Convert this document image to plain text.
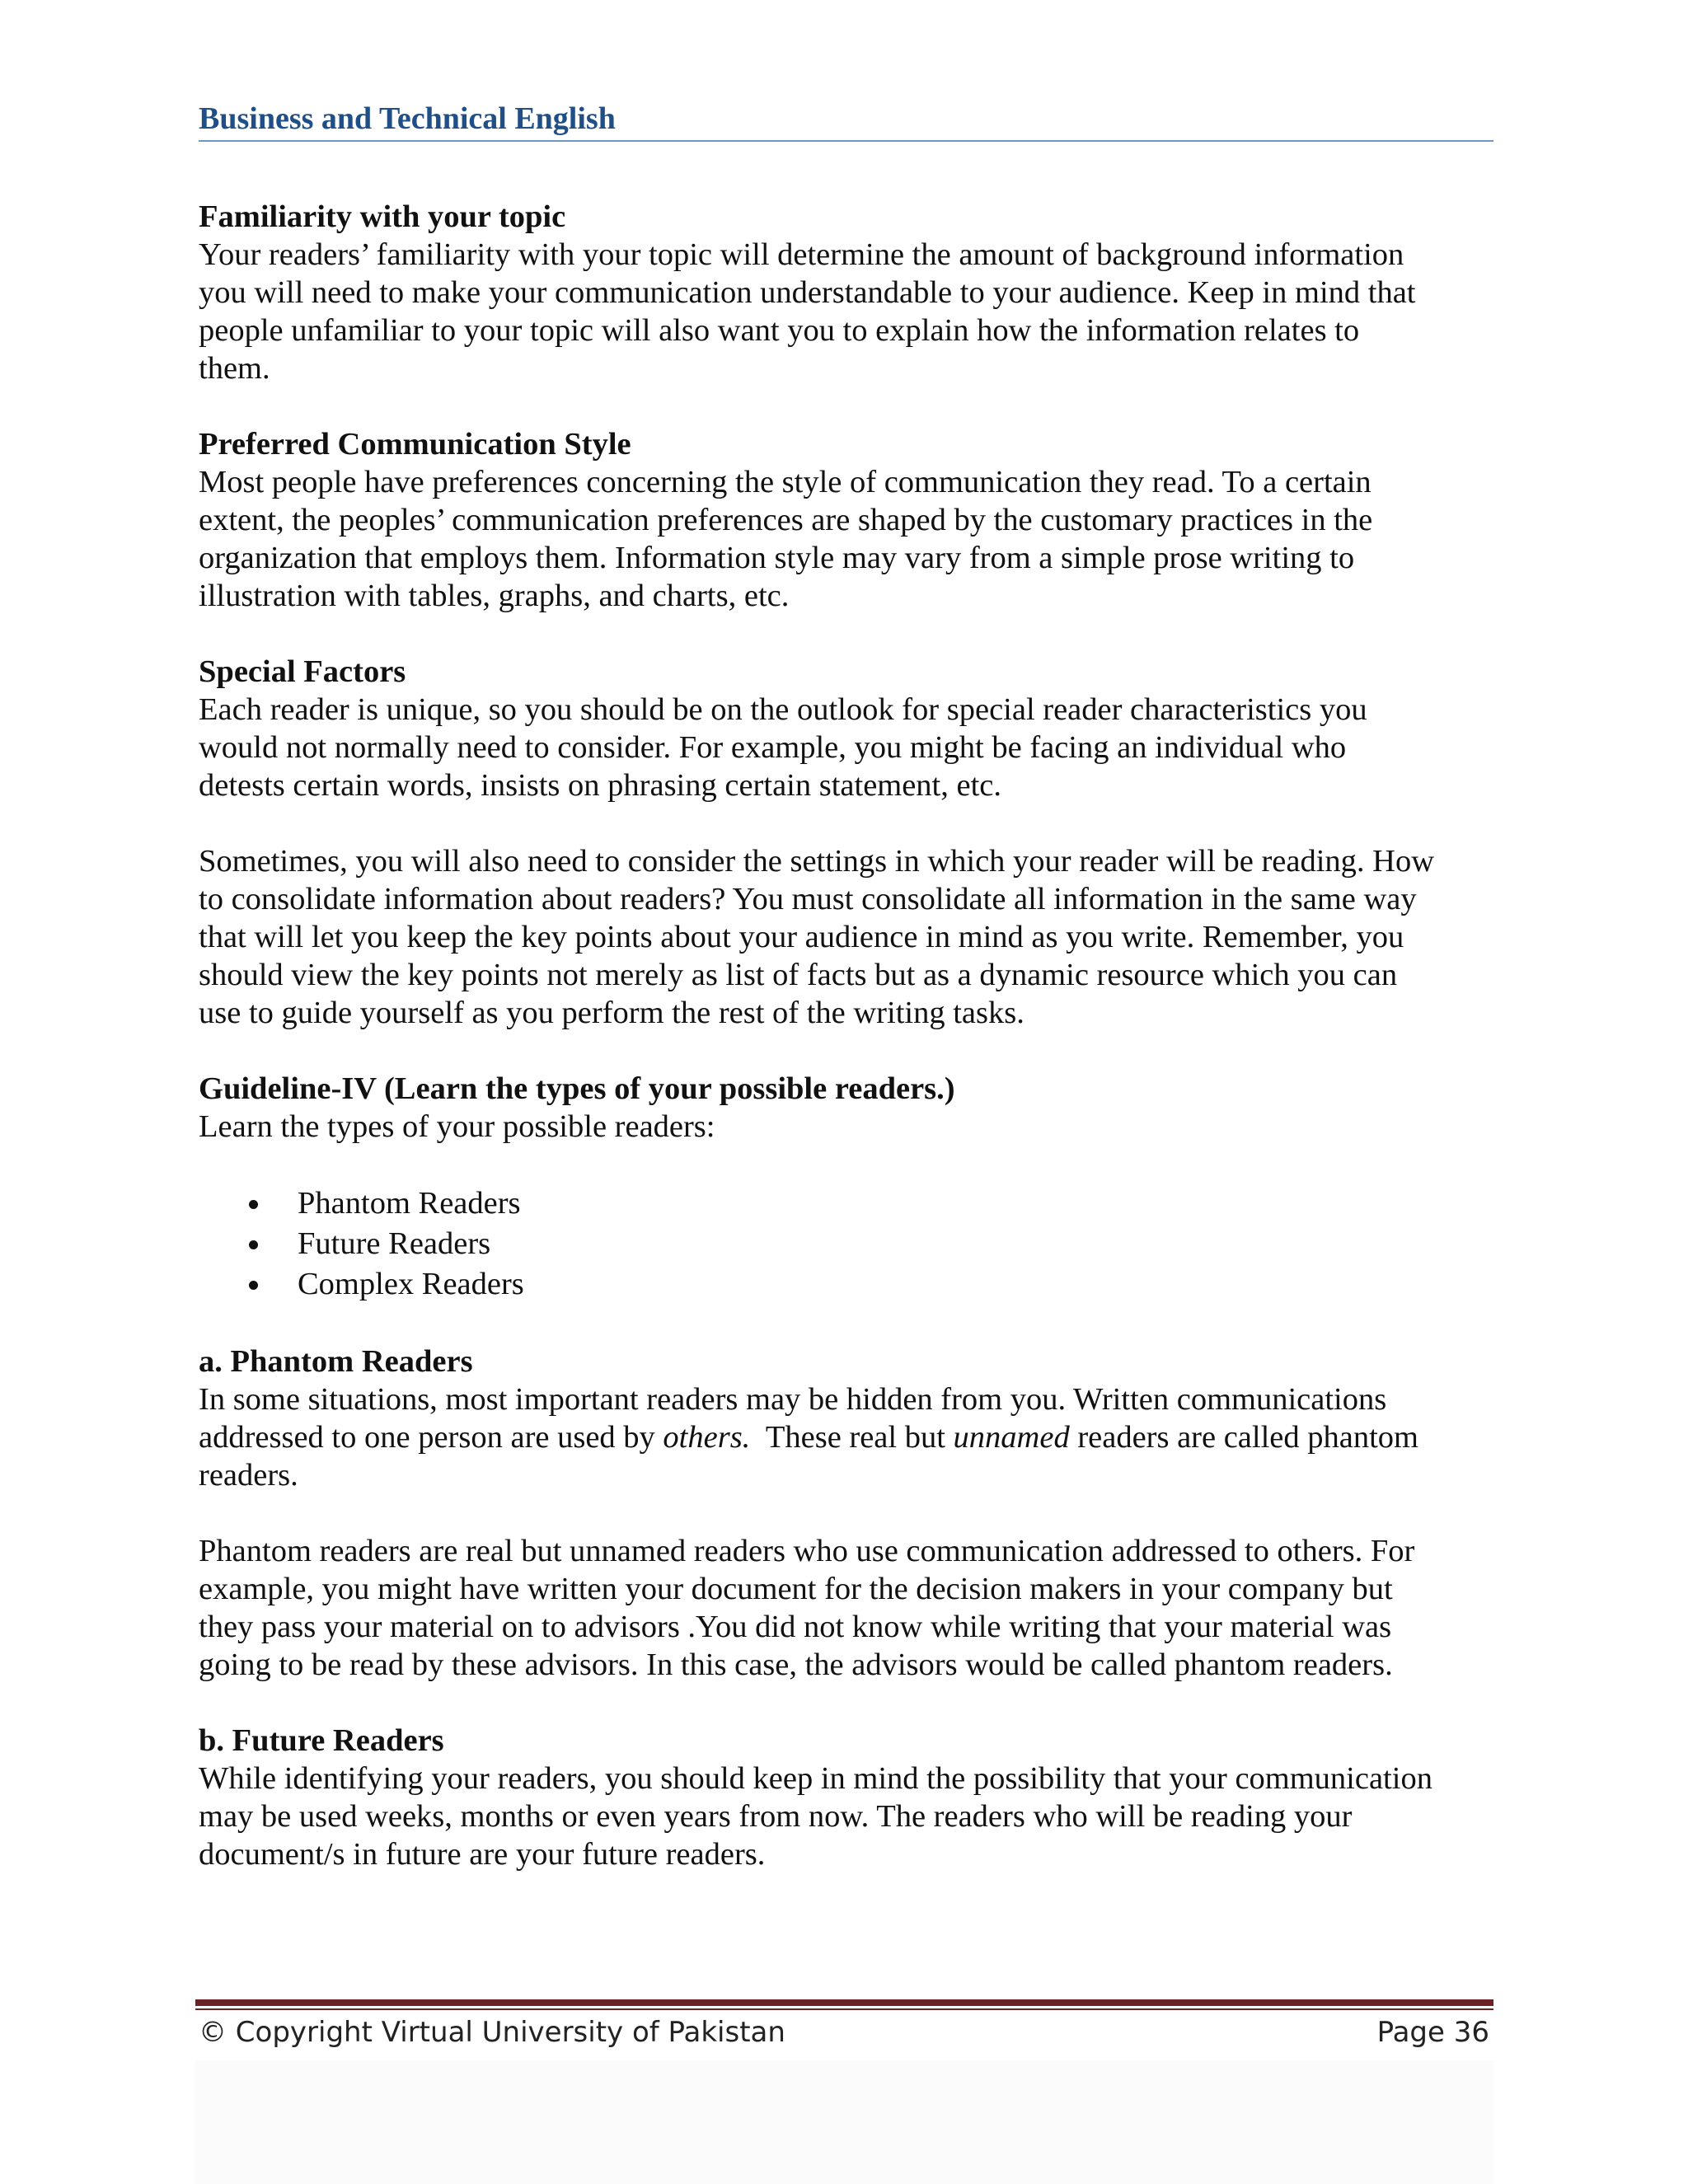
Business and Technical English
Familiarity with your topic
Your readers’ familiarity with your topic will determine the amount of background information
you will need to make your communication understandable to your audience. Keep in mind that
people unfamiliar to your topic will also want you to explain how the information relates to
them.
Preferred Communication Style
Most people have preferences concerning the style of communication they read. To a certain
extent, the peoples’ communication preferences are shaped by the customary practices in the
organization that employs them. Information style may vary from a simple prose writing to
illustration with tables, graphs, and charts, etc.
Special Factors
Each reader is unique, so you should be on the outlook for special reader characteristics you
would not normally need to consider. For example, you might be facing an individual who
detests certain words, insists on phrasing certain statement, etc.
Sometimes, you will also need to consider the settings in which your reader will be reading. How
to consolidate information about readers? You must consolidate all information in the same way
that will let you keep the key points about your audience in mind as you write. Remember, you
should view the key points not merely as list of facts but as a dynamic resource which you can
use to guide yourself as you perform the rest of the writing tasks.
Guideline-IV (Learn the types of your possible readers.)
Learn the types of your possible readers:
Phantom Readers
Future Readers
Complex Readers
a. Phantom Readers
In some situations, most important readers may be hidden from you. Written communications
addressed to one person are used by others.  These real but unnamed readers are called phantom
readers.
Phantom readers are real but unnamed readers who use communication addressed to others. For
example, you might have written your document for the decision makers in your company but
they pass your material on to advisors .You did not know while writing that your material was
going to be read by these advisors. In this case, the advisors would be called phantom readers.
b. Future Readers
While identifying your readers, you should keep in mind the possibility that your communication
may be used weeks, months or even years from now. The readers who will be reading your
document/s in future are your future readers.
© Copyright Virtual University of Pakistan	Page 36
